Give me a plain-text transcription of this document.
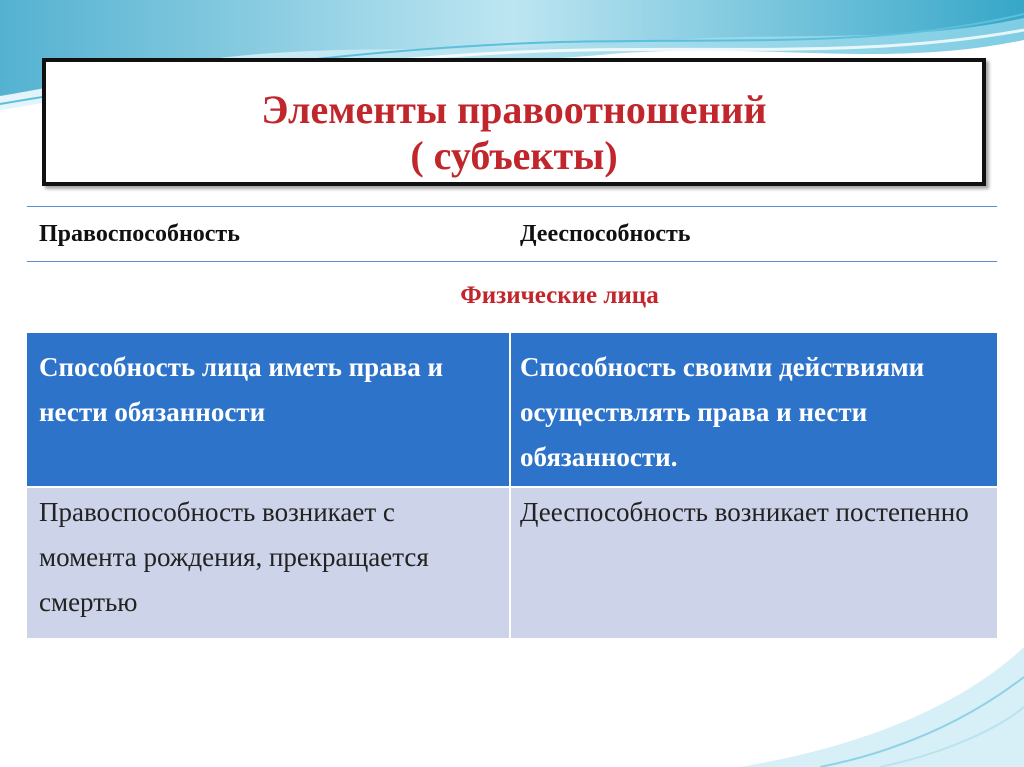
Элементы правоотношений
( субъекты)
Правоспособность	Дееспособность
Физические лица
Способность лица иметь права и нести обязанности
Способность своими действиями осуществлять права и нести обязанности.
Правоспособность возникает с момента рождения, прекращается смертью
Дееспособность возникает постепенно
